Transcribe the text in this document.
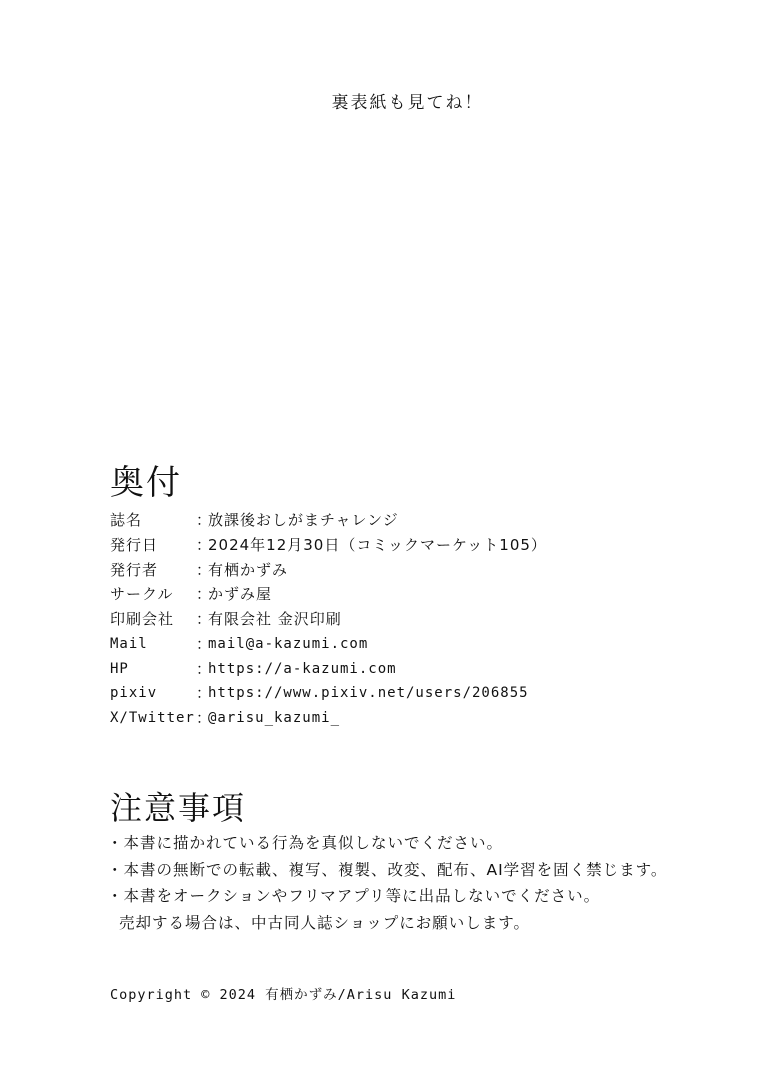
裏表紙も見てね！
奥付
誌名	：
放課後おしがまチャレンジ
発行日	：
2024年12月30日（コミックマーケット105）
発行者	：
有栖かずみ
サークル	：
かずみ屋
印刷会社	：
有限会社 金沢印刷
Mail	：
mail@a-kazumi.com
HP	：
https://a-kazumi.com
pixiv	：
https://www.pixiv.net/users/206855
X/Twitter ：
@arisu_kazumi_
注意事項
・本書に描かれている行為を真似しないでください。
・本書の無断での転載、複写、複製、改変、配布、AI学習を固く禁じます。
・本書をオークションやフリマアプリ等に出品しないでください。
売却する場合は、中古同人誌ショップにお願いします。
Copyright © 2024 有栖かずみ/Arisu Kazumi
